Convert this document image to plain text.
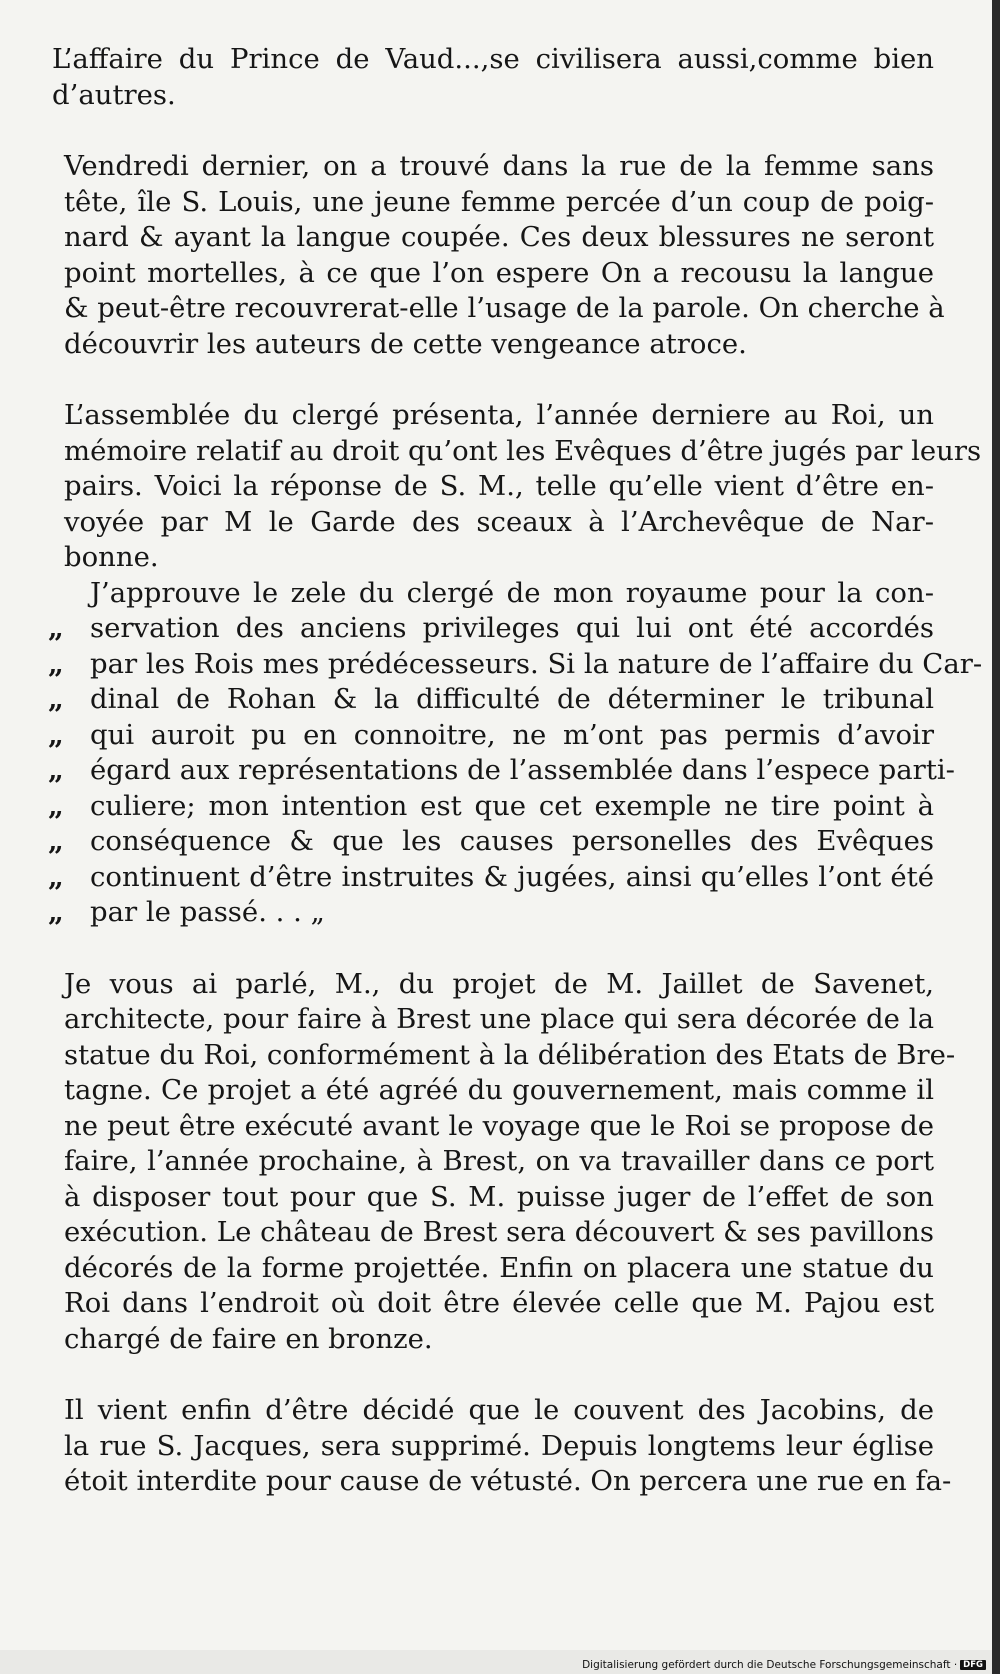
L’affaire du Prince de Vaud...,se civilisera aussi,comme bien
d’autres.
Vendredi dernier, on a trouvé dans la rue de la femme sans
tête, île S. Louis, une jeune femme percée d’un coup de poig-
nard & ayant la langue coupée. Ces deux blessures ne seront
point mortelles, à ce que l’on espere On a recousu la langue
& peut-être recouvrerat-elle l’usage de la parole. On cherche à
découvrir les auteurs de cette vengeance atroce.
L’assemblée du clergé présenta, l’année derniere au Roi, un
mémoire relatif au droit qu’ont les Evêques d’être jugés par leurs
pairs. Voici la réponse de S. M., telle qu’elle vient d’être en-
voyée par M le Garde des sceaux à l’Archevêque de Nar-
bonne.
J’approuve le zele du clergé de mon royaume pour la con-
„ servation des anciens privileges qui lui ont été accordés
„ par les Rois mes prédécesseurs. Si la nature de l’affaire du Car-
„ dinal de Rohan & la difficulté de déterminer le tribunal
„ qui auroit pu en connoitre, ne m’ont pas permis d’avoir
„ égard aux représentations de l’assemblée dans l’espece parti-
„ culiere; mon intention est que cet exemple ne tire point à
„ conséquence & que les causes personelles des Evêques
„ continuent d’être instruites & jugées, ainsi qu’elles l’ont été
„ par le passé. . . „
Je vous ai parlé, M., du projet de M. Jaillet de Savenet,
architecte, pour faire à Brest une place qui sera décorée de la
statue du Roi, conformément à la délibération des Etats de Bre-
tagne. Ce projet a été agréé du gouvernement, mais comme il
ne peut être exécuté avant le voyage que le Roi se propose de
faire, l’année prochaine, à Brest, on va travailler dans ce port
à disposer tout pour que S. M. puisse juger de l’effet de son
exécution. Le château de Brest sera découvert & ses pavillons
décorés de la forme projettée. Enfin on placera une statue du
Roi dans l’endroit où doit être élevée celle que M. Pajou est
chargé de faire en bronze.
Il vient enfin d’être décidé que le couvent des Jacobins, de
la rue S. Jacques, sera supprimé. Depuis longtems leur église
étoit interdite pour cause de vétusté. On percera une rue en fa-
Digitalisierung gefördert durch die Deutsche Forschungsgemeinschaft · DFG
